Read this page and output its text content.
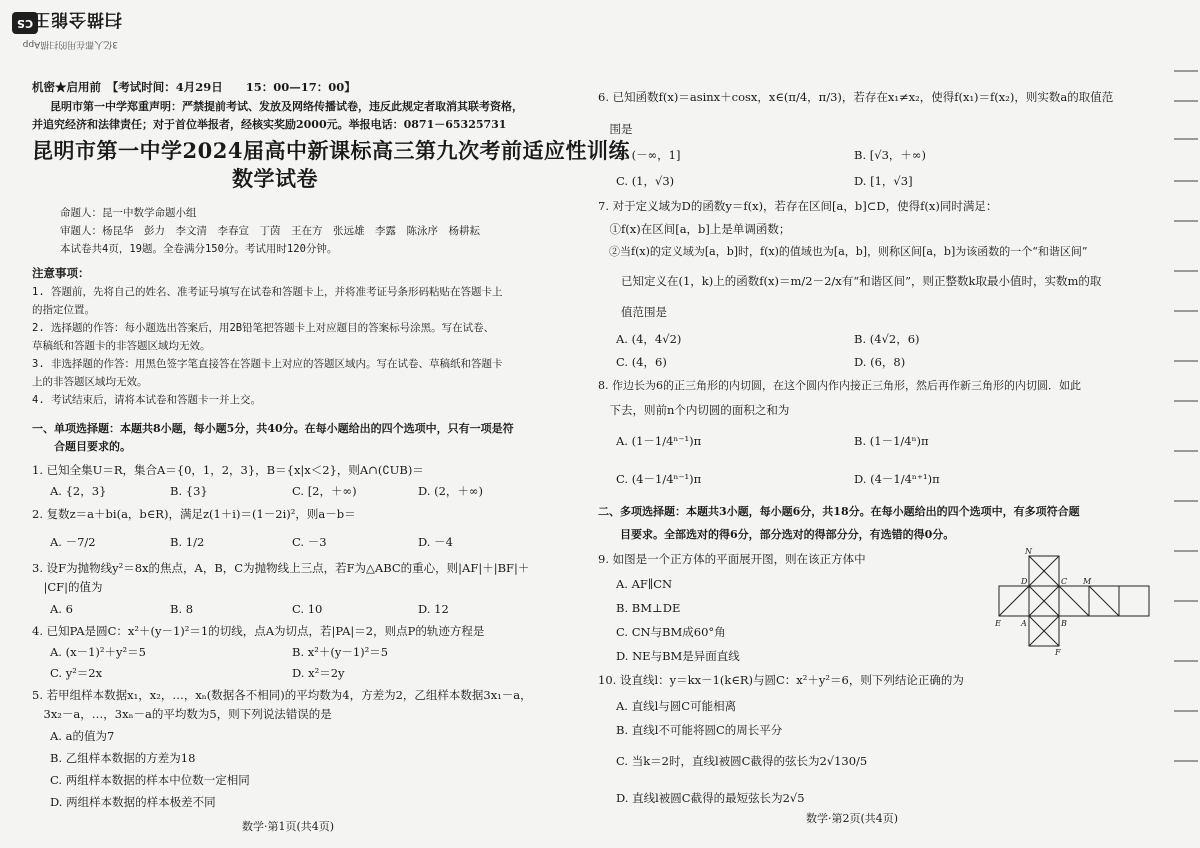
CS
扫描全能王
3亿人都在用的扫描App
机密★启用前　【考试时间：4月29日　　15：00—17：00】
昆明市第一中学郑重声明：严禁提前考试、发放及网络传播试卷，违反此规定者取消其联考资格，
并追究经济和法律责任；对于首位举报者，经核实奖励2000元。举报电话：0871－65325731
昆明市第一中学2024届高中新课标高三第九次考前适应性训练
数学试卷
命题人：昆一中数学命题小组
审题人：杨昆华　彭力　李文清　李春宣　丁茵　王在方　张远雄　李露　陈泳序　杨耕耘
本试卷共4页，19题。全卷满分150分。考试用时120分钟。
注意事项：
1. 答题前，先将自己的姓名、准考证号填写在试卷和答题卡上，并将准考证号条形码粘贴在答题卡上
的指定位置。
2. 选择题的作答：每小题选出答案后，用2B铅笔把答题卡上对应题目的答案标号涂黑。写在试卷、
草稿纸和答题卡的非答题区域均无效。
3. 非选择题的作答：用黑色签字笔直接答在答题卡上对应的答题区域内。写在试卷、草稿纸和答题卡
上的非答题区域均无效。
4. 考试结束后，请将本试卷和答题卡一并上交。
一、单项选择题：本题共8小题，每小题5分，共40分。在每小题给出的四个选项中，只有一项是符
　　合题目要求的。
1. 已知全集U＝R，集合A＝{0，1，2，3}，B＝{x|x＜2}，则A∩(∁UB)＝
A. {2，3}	B. {3}	C. [2，＋∞)	D. (2，＋∞)
2. 复数z＝a＋bi(a，b∈R)，满足z(1＋i)＝(1－2i)²，则a－b＝
A. －7/2	B. 1/2	C. －3	D. －4
3. 设F为抛物线y²＝8x的焦点，A，B，C为抛物线上三点，若F为△ABC的重心，则|AF|＋|BF|＋
　|CF|的值为
A. 6	B. 8	C. 10	D. 12
4. 已知PA是圆C：x²＋(y－1)²＝1的切线，点A为切点，若|PA|＝2，则点P的轨迹方程是
A. (x－1)²＋y²＝5	B. x²＋(y－1)²＝5
C. y²＝2x	D. x²＝2y
5. 若甲组样本数据x₁，x₂，…，xₙ(数据各不相同)的平均数为4，方差为2，乙组样本数据3x₁－a，
　3x₂－a，…，3xₙ－a的平均数为5，则下列说法错误的是
A. a的值为7
B. 乙组样本数据的方差为18
C. 两组样本数据的样本中位数一定相同
D. 两组样本数据的样本极差不同
数学·第1页(共4页)
6. 已知函数f(x)＝asinx＋cosx，x∈(π/4，π/3)，若存在x₁≠x₂，使得f(x₁)＝f(x₂)，则实数a的取值范
　围是
A. (－∞，1]	B. [√3，＋∞)
C. (1，√3)	D. [1，√3]
7. 对于定义域为D的函数y＝f(x)，若存在区间[a，b]⊂D，使得f(x)同时满足：
　①f(x)在区间[a，b]上是单调函数；
　②当f(x)的定义域为[a，b]时，f(x)的值域也为[a，b]，则称区间[a，b]为该函数的一个“和谐区间”
　　已知定义在(1，k)上的函数f(x)＝m/2－2/x有“和谐区间”，则正整数k取最小值时，实数m的取
　　值范围是
A. (4，4√2)	B. (4√2，6)
C. (4，6)	D. (6，8)
8. 作边长为6的正三角形的内切圆，在这个圆内作内接正三角形，然后再作新三角形的内切圆．如此
　下去，则前n个内切圆的面积之和为
A. (1－1/4ⁿ⁻¹)π	B. (1－1/4ⁿ)π
C. (4－1/4ⁿ⁻¹)π	D. (4－1/4ⁿ⁺¹)π
二、多项选择题：本题共3小题，每小题6分，共18分。在每小题给出的四个选项中，有多项符合题
　　目要求。全部选对的得6分，部分选对的得部分分，有选错的得0分。
9. 如图是一个正方体的平面展开图，则在该正方体中
A. AF∥CN
B. BM⊥DE
C. CN与BM成60°角
D. NE与BM是异面直线
10. 设直线l：y＝kx－1(k∈R)与圆C：x²＋y²＝6，则下列结论正确的为
A. 直线l与圆C可能相离
B. 直线l不可能将圆C的周长平分
C. 当k＝2时，直线l被圆C截得的弦长为2√130/5
D. 直线l被圆C截得的最短弦长为2√5
数学·第2页(共4页)
N
D	C M
E	A	B
F
